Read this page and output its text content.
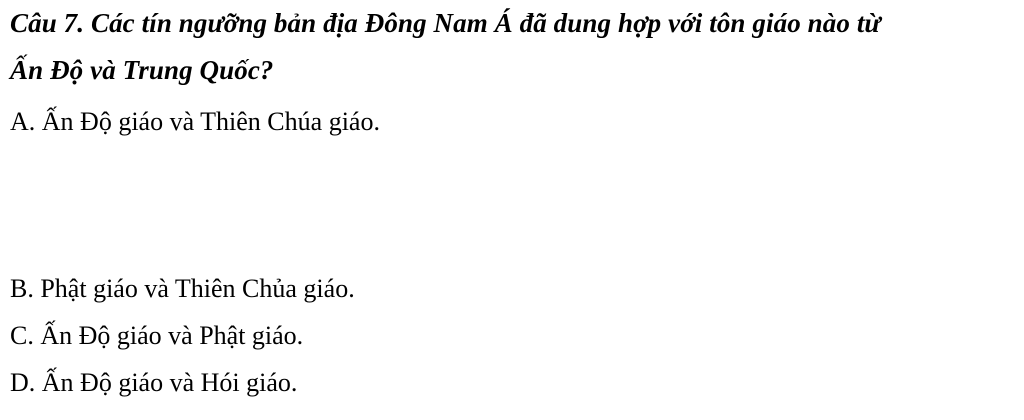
Câu 7. Các tín ngưỡng bản địa Đông Nam Á đã dung hợp với tôn giáo nào từ
Ấn Độ và Trung Quốc?
A. Ấn Độ giáo và Thiên Chúa giáo.
B. Phật giáo và Thiên Chủa giáo.
C. Ấn Độ giáo và Phật giáo.
D. Ấn Độ giáo và Hói giáo.
